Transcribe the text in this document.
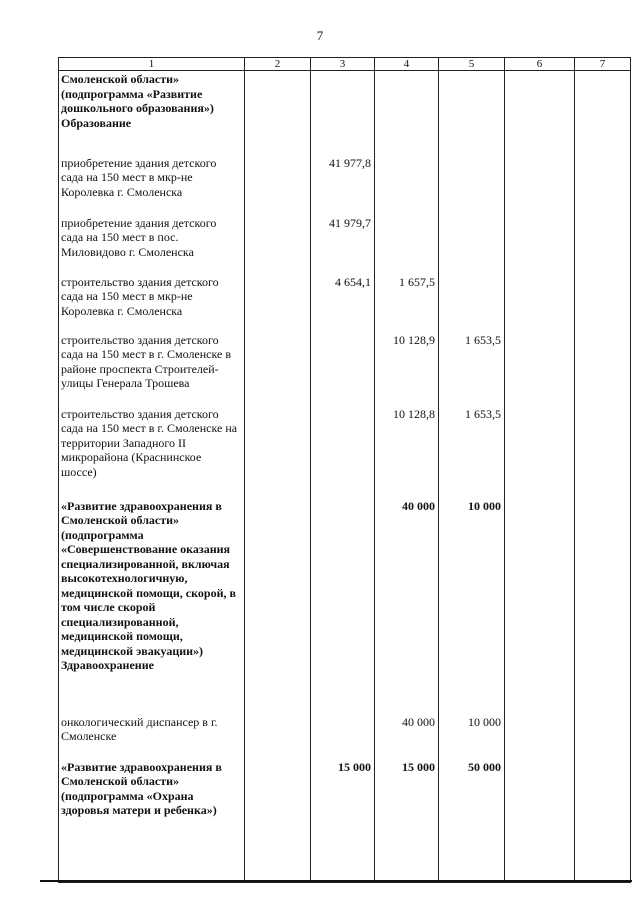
7
1	2	3	4	5	6	7
Смоленской области» (подпрограмма «Развитие дошкольного образования») Образование						
приобретение здания детского сада на 150 мест в мкр-не Королевка г. Смоленска		41 977,8				
приобретение здания детского сада на 150 мест в пос. Миловидово г. Смоленска		41 979,7				
строительство здания детского сада на 150 мест в мкр-не Королевка г. Смоленска		4 654,1	1 657,5			
строительство здания детского сада на 150 мест в г. Смоленске в районе проспекта Строителей-улицы Генерала Трошева			10 128,9	1 653,5		
строительство здания детского сада на 150 мест в г. Смоленске на территории Западного II микрорайона (Краснинское шоссе)			10 128,8	1 653,5		
«Развитие здравоохранения в Смоленской области» (подпрограмма «Совершенствование оказания специализированной, включая высокотехнологичную, медицинской помощи, скорой, в том числе скорой специализированной, медицинской помощи, медицинской эвакуации») Здравоохранение			40 000	10 000		
онкологический диспансер в г. Смоленске			40 000	10 000		
«Развитие здравоохранения в Смоленской области» (подпрограмма «Охрана здоровья матери и ребенка»)		15 000	15 000	50 000		
